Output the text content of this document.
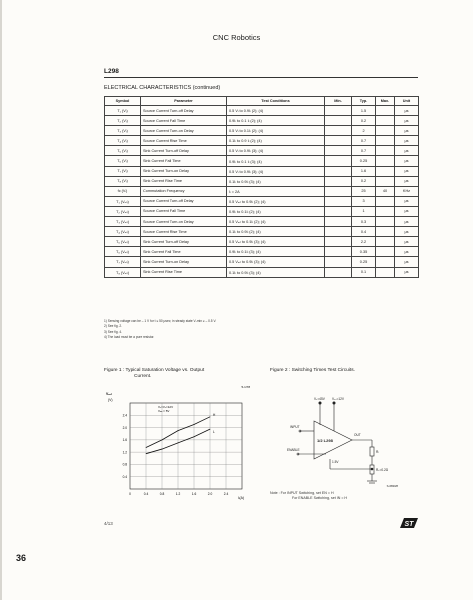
CNC Robotics
L298
ELECTRICAL CHARACTERISTICS (continued)
Symbol	Parameter	Test Conditions	Min.	Typ.	Max.	Unit
T₁ (Vᵢ)	Source Current Turn-off Delay	0.5 Vᵢ to 0.9Iₗ (2); (4)		1.5		μs
T₂ (Vᵢ)	Source Current Fall Time	0.9Iₗ to 0.1 Iₗ (2); (4)		0.2		μs
T₃ (Vᵢ)	Source Current Turn-on Delay	0.5 Vᵢ to 0.1Iₗ (2); (4)		2		μs
T₄ (Vᵢ)	Source Current Rise Time	0.1Iₗ to 0.9 Iₗ (2); (4)		0.7		μs
T₅ (Vᵢ)	Sink Current Turn-off Delay	0.5 Vᵢ to 0.9Iₗ (3); (4)		0.7		μs
T₆ (Vᵢ)	Sink Current Fall Time	0.9Iₗ to 0.1 Iₗ (3); (4)		0.25		μs
T₇ (Vᵢ)	Sink Current Turn-on Delay	0.5 Vᵢ to 0.9Iₗ (3); (4)		1.6		μs
T₈ (Vᵢ)	Sink Current Rise Time	0.1Iₗ to 0.9Iₗ (3); (4)		0.2		μs
fc (Vᵢ)	Commutation Frequency	Iₗ = 2A		25	40	KHz
T₁ (Vₑₙ)	Source Current Turn-off Delay	0.5 Vₑₙ to 0.9Iₗ (2); (4)		3		μs
T₂ (Vₑₙ)	Source Current Fall Time	0.9Iₗ to 0.1Iₗ (2); (4)		1		μs
T₃ (Vₑₙ)	Source Current Turn-on Delay	0.5 Vₑₙ to 0.1Iₗ (2); (4)		0.3		μs
T₄ (Vₑₙ)	Source Current Rise Time	0.1Iₗ to 0.9Iₗ (2); (4)		0.4		μs
T₅ (Vₑₙ)	Sink Current Turn-off Delay	0.5 Vₑₙ to 0.9Iₗ (3); (4)		2.2		μs
T₆ (Vₑₙ)	Sink Current Fall Time	0.9Iₗ to 0.1Iₗ (3); (4)		0.35		μs
T₇ (Vₑₙ)	Sink Current Turn-on Delay	0.5 Vₑₙ to 0.9Iₗ (3); (4)		0.25		μs
T₈ (Vₑₙ)	Sink Current Rise Time	0.1Iₗ to 0.9Iₗ (3); (4)		0.1		μs
1) Sensing voltage can be – 1 V for t ≤ 50 μsec; in steady state Vₛmin ≥ – 0.5 V.
2) See fig. 2.
3) See fig. 4.
4) The load must be a pure resistor.
Figure 1 : Typical Saturation Voltage vs. Output
Current.
Figure 2 : Switching Times Test Circuits.
5-1/78
Vₑₐₜ
(V)
2.4
2.0
1.6
1.2
0.8
0.4
0	0.4	0.8	1.2	1.6	2.0	2.4
H
L
Vₛ=Vₛ=12V
Vₑₙ = 5V
Iₗ(A)
Vₛ=45V Vₛₛ=12V
INPUT
ENABLE
1/2 L298
OUT
Rₗ
Rₛ=0.2Ω
1.5V
S-6830/8
Note : For INPUT Switching, set EN = H
For ENABLE Switching, set IN = H
4/13	ST
36
